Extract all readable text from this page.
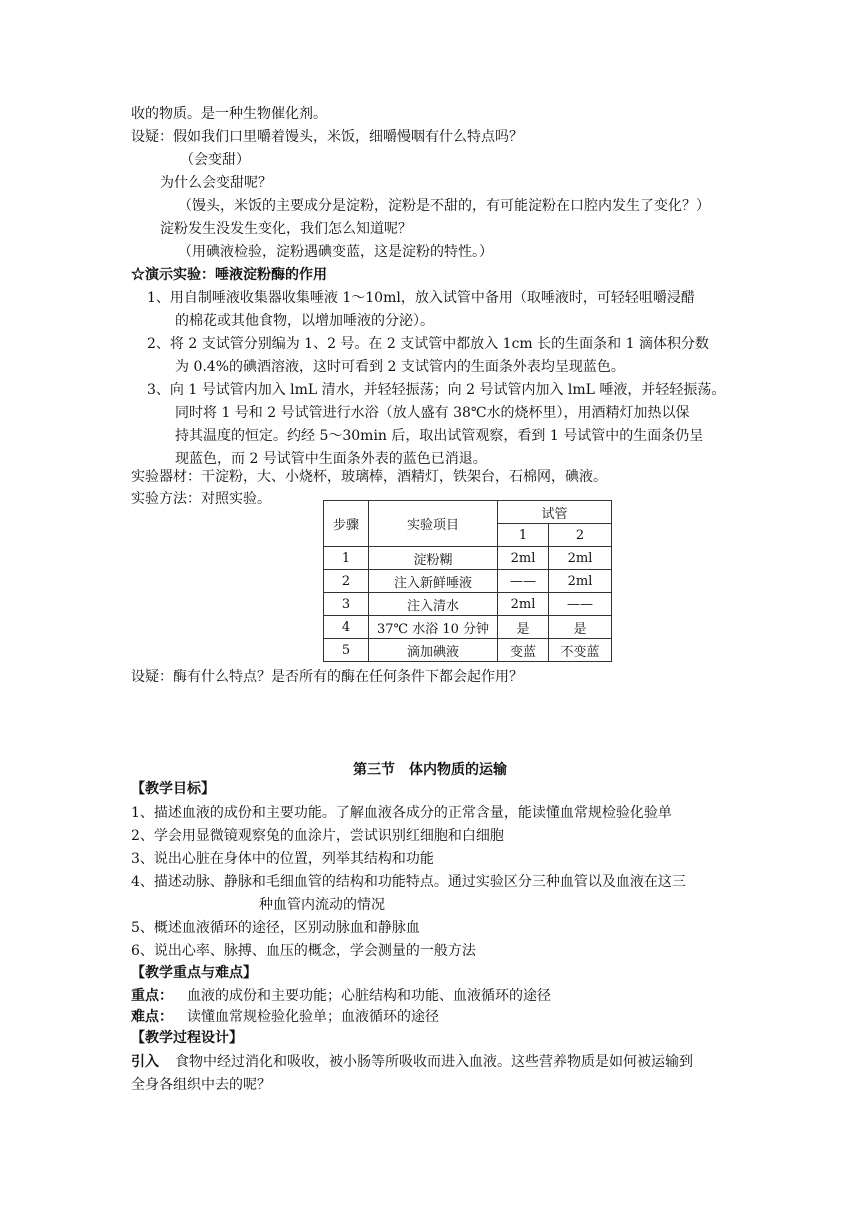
收的物质。是一种生物催化剂。
设疑：假如我们口里嚼着馒头，米饭，细嚼慢咽有什么特点吗？
（会变甜）
为什么会变甜呢？
（馒头，米饭的主要成分是淀粉，淀粉是不甜的，有可能淀粉在口腔内发生了变化？）
淀粉发生没发生变化，我们怎么知道呢？
（用碘液检验，淀粉遇碘变蓝，这是淀粉的特性。）
☆演示实验：唾液淀粉酶的作用
1、用自制唾液收集器收集唾液 1～10ml，放入试管中备用（取唾液时，可轻轻咀嚼浸醋
的棉花或其他食物，以增加唾液的分泌）。
2、将 2 支试管分别编为 1、2 号。在 2 支试管中都放入 1cm 长的生面条和 1 滴体积分数
为 0.4%的碘酒溶液，这时可看到 2 支试管内的生面条外表均呈现蓝色。
3、向 1 号试管内加入 lmL 清水，并轻轻振荡；向 2 号试管内加入 lmL 唾液，并轻轻振荡。
同时将 1 号和 2 号试管进行水浴（放人盛有 38℃水的烧杯里），用酒精灯加热以保
持其温度的恒定。约经 5～30min 后，取出试管观察，看到 1 号试管中的生面条仍呈
现蓝色，而 2 号试管中生面条外表的蓝色已消退。
实验器材：干淀粉，大、小烧杯，玻璃棒，酒精灯，铁架台，石棉网，碘液。
实验方法：对照实验。
步骤	实验项目	试管	
		1	2
1	淀粉糊	2ml	2ml
2	注入新鲜唾液	——	2ml
3	注入清水	2ml	——
4	37℃ 水浴 10 分钟	是	是
5	滴加碘液	变蓝	不变蓝
设疑：酶有什么特点？是否所有的酶在任何条件下都会起作用？
第三节　体内物质的运输
【教学目标】
1、描述血液的成份和主要功能。了解血液各成分的正常含量，能读懂血常规检验化验单
2、学会用显微镜观察兔的血涂片，尝试识别红细胞和白细胞
3、说出心脏在身体中的位置，列举其结构和功能
4、描述动脉、静脉和毛细血管的结构和功能特点。通过实验区分三种血管以及血液在这三
种血管内流动的情况
5、概述血液循环的途径，区别动脉血和静脉血
6、说出心率、脉搏、血压的概念，学会测量的一般方法
【教学重点与难点】
重点： 血液的成份和主要功能；心脏结构和功能、血液循环的途径
难点： 读懂血常规检验化验单；血液循环的途径
【教学过程设计】
引入 食物中经过消化和吸收，被小肠等所吸收而进入血液。这些营养物质是如何被运输到
全身各组织中去的呢？
